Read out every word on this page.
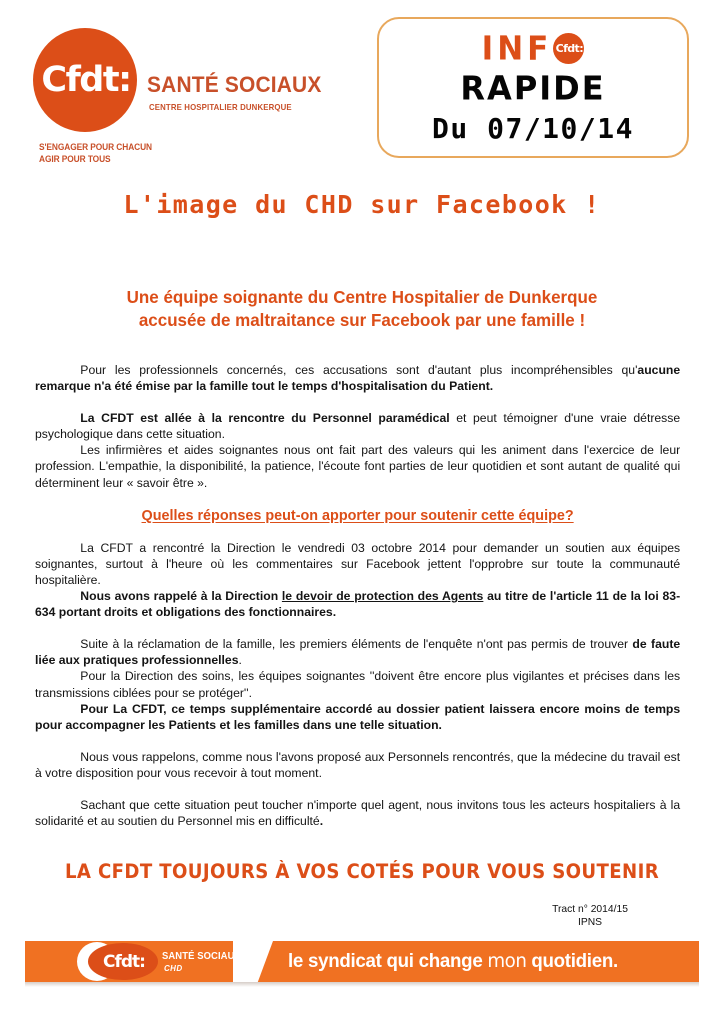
Cfdt: SANTÉ SOCIAUX
CENTRE HOSPITALIER DUNKERQUE
S'ENGAGER POUR CHACUN
AGIR POUR TOUS
INF Cfdt:
RAPIDE
Du 07/10/14
L'image du CHD sur Facebook !
Une équipe soignante du Centre Hospitalier de Dunkerque
accusée de maltraitance sur Facebook par une famille !

Pour les professionnels concernés, ces accusations sont d'autant plus incompréhensibles qu'aucune remarque n'a été émise par la famille tout le temps d'hospitalisation du Patient.

La CFDT est allée à la rencontre du Personnel paramédical et peut témoigner d'une vraie détresse psychologique dans cette situation.

Les infirmières et aides soignantes nous ont fait part des valeurs qui les animent dans l'exercice de leur profession. L'empathie, la disponibilité, la patience, l'écoute font parties de leur quotidien et sont autant de qualité qui déterminent leur « savoir être ».

Quelles réponses peut-on apporter pour soutenir cette équipe?

La CFDT a rencontré la Direction le vendredi 03 octobre 2014 pour demander un soutien aux équipes soignantes, surtout à l'heure où les commentaires sur Facebook jettent l'opprobre sur toute la communauté hospitalière.

Nous avons rappelé à la Direction le devoir de protection des Agents au titre de l'article 11 de la loi 83-634 portant droits et obligations des fonctionnaires.

Suite à la réclamation de la famille, les premiers éléments de l'enquête n'ont pas permis de trouver de faute liée aux pratiques professionnelles.

Pour la Direction des soins, les équipes soignantes ''doivent être encore plus vigilantes et précises dans les transmissions ciblées pour se protéger''.

Pour La CFDT, ce temps supplémentaire accordé au dossier patient laissera encore moins de temps pour accompagner les Patients et les familles dans une telle situation.

Nous vous rappelons, comme nous l'avons proposé aux Personnels rencontrés, que la médecine du travail est à votre disposition pour vous recevoir à tout moment.

Sachant que cette situation peut toucher n'importe quel agent, nous invitons tous les acteurs hospitaliers à la solidarité et au soutien du Personnel mis en difficulté.

LA CFDT TOUJOURS À VOS COTÉS POUR VOUS SOUTENIR
Tract n° 2014/15
IPNS
Cfdt:	SANTÉ SOCIAUX
CHD	le syndicat qui change mon quotidien.
